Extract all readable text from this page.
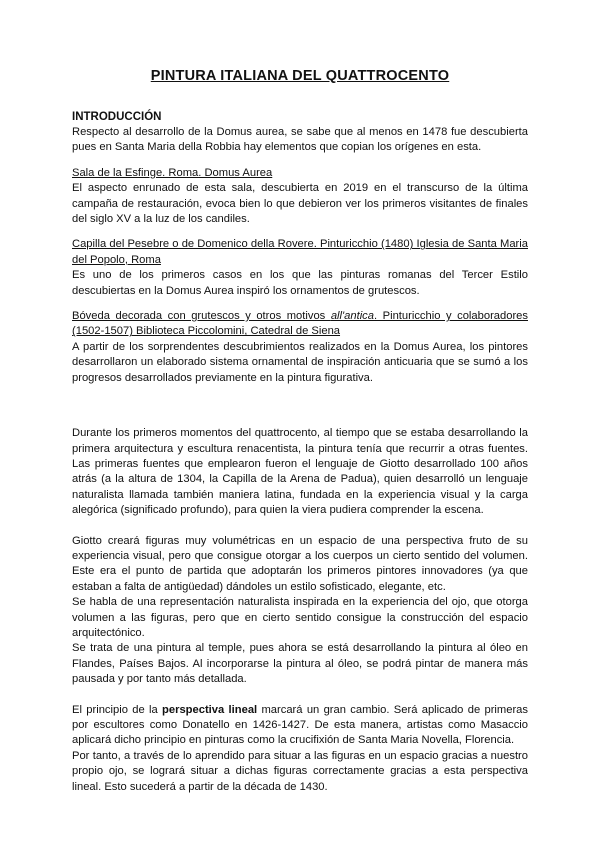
PINTURA ITALIANA DEL QUATTROCENTO
INTRODUCCIÓN

Respecto al desarrollo de la Domus aurea, se sabe que al menos en 1478 fue descubierta pues en Santa Maria della Robbia hay elementos que copian los orígenes en esta.

Sala de la Esfinge. Roma. Domus Aurea

El aspecto enrunado de esta sala, descubierta en 2019 en el transcurso de la última campaña de restauración, evoca bien lo que debieron ver los primeros visitantes de finales del siglo XV a la luz de los candiles.

Capilla del Pesebre o de Domenico della Rovere. Pinturicchio (1480) Iglesia de Santa Maria del Popolo, Roma

Es uno de los primeros casos en los que las pinturas romanas del Tercer Estilo descubiertas en la Domus Aurea inspiró los ornamentos de grutescos.

Bóveda decorada con grutescos y otros motivos all'antica. Pinturicchio y colaboradores (1502-1507) Biblioteca Piccolomini, Catedral de Siena

A partir de los sorprendentes descubrimientos realizados en la Domus Aurea, los pintores desarrollaron un elaborado sistema ornamental de inspiración anticuaria que se sumó a los progresos desarrollados previamente en la pintura figurativa.

Durante los primeros momentos del quattrocento, al tiempo que se estaba desarrollando la primera arquitectura y escultura renacentista, la pintura tenía que recurrir a otras fuentes. Las primeras fuentes que emplearon fueron el lenguaje de Giotto desarrollado 100 años atrás (a la altura de 1304, la Capilla de la Arena de Padua), quien desarrolló un lenguaje naturalista llamada también maniera latina, fundada en la experiencia visual y la carga alegórica (significado profundo), para quien la viera pudiera comprender la escena.

Giotto creará figuras muy volumétricas en un espacio de una perspectiva fruto de su experiencia visual, pero que consigue otorgar a los cuerpos un cierto sentido del volumen. Este era el punto de partida que adoptarán los primeros pintores innovadores (ya que estaban a falta de antigüedad) dándoles un estilo sofisticado, elegante, etc.

Se habla de una representación naturalista inspirada en la experiencia del ojo, que otorga volumen a las figuras, pero que en cierto sentido consigue la construcción del espacio arquitectónico.

Se trata de una pintura al temple, pues ahora se está desarrollando la pintura al óleo en Flandes, Países Bajos. Al incorporarse la pintura al óleo, se podrá pintar de manera más pausada y por tanto más detallada.

El principio de la perspectiva lineal marcará un gran cambio. Será aplicado de primeras por escultores como Donatello en 1426-1427. De esta manera, artistas como Masaccio aplicará dicho principio en pinturas como la crucifixión de Santa Maria Novella, Florencia.

Por tanto, a través de lo aprendido para situar a las figuras en un espacio gracias a nuestro propio ojo, se logrará situar a dichas figuras correctamente gracias a esta perspectiva lineal. Esto sucederá a partir de la década de 1430.
